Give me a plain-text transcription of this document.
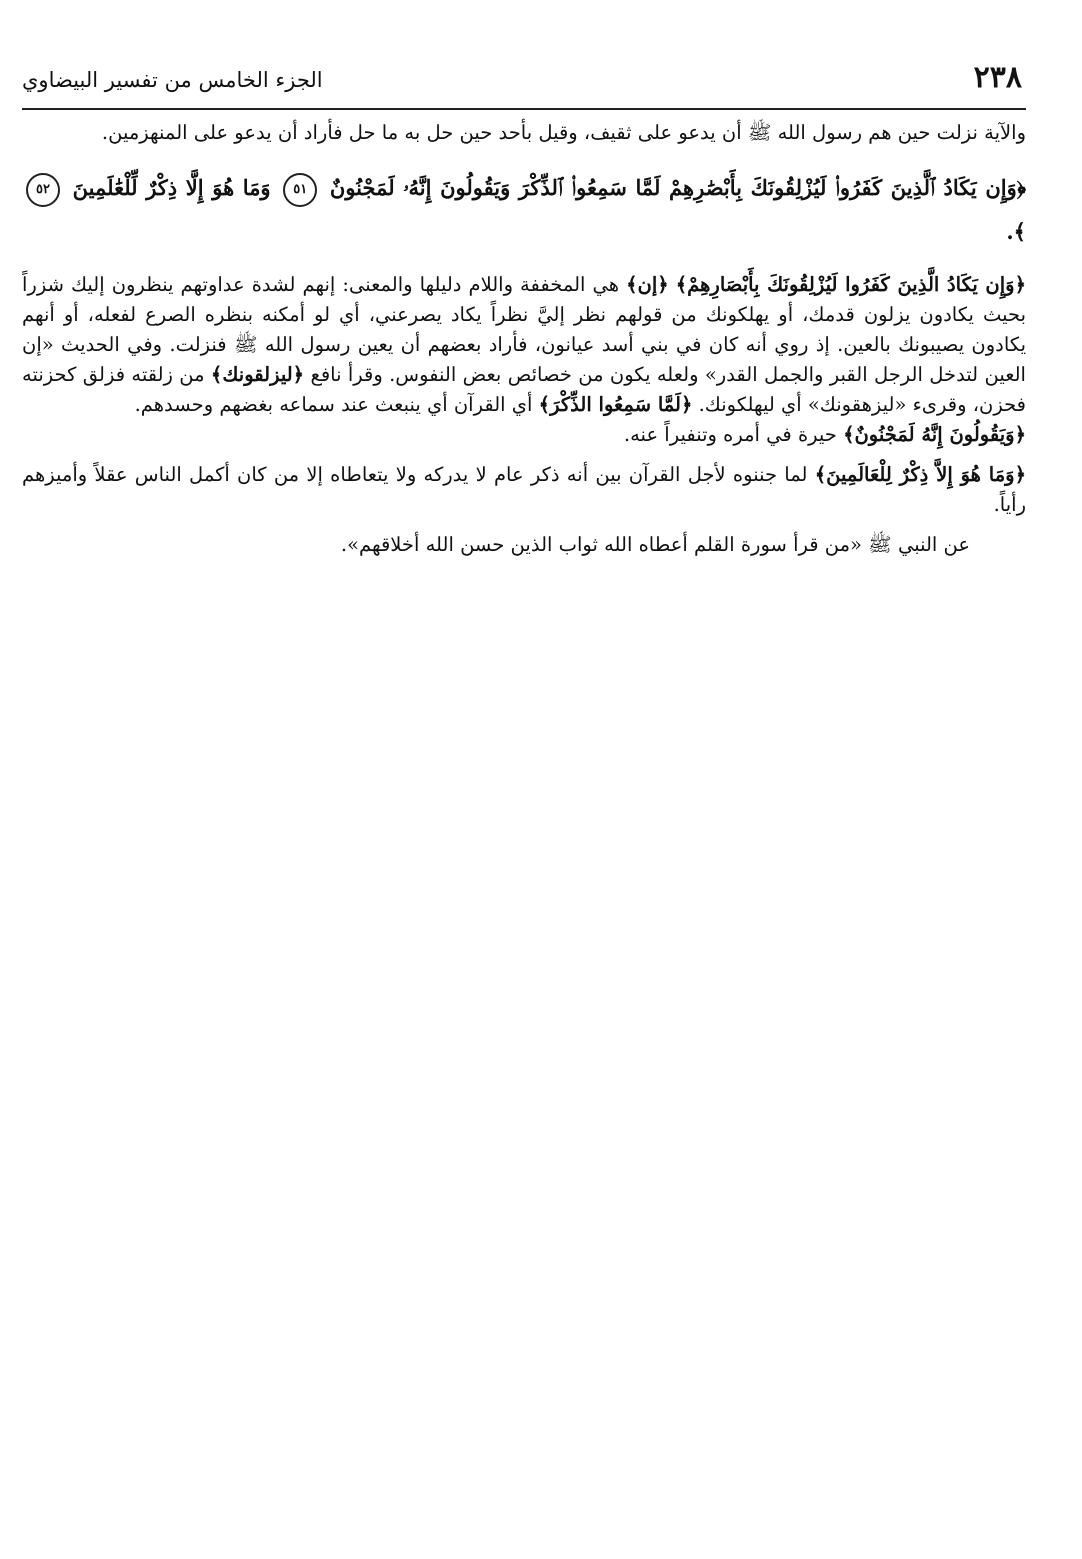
٢٣٨
الجزء الخامس من تفسير البيضاوي

والآية نزلت حين هم رسول الله ﷺ أن يدعو على ثقيف، وقيل بأحد حين حل به ما حل فأراد أن يدعو على المنهزمين.

﴿وَإِن يَكَادُ ٱلَّذِينَ كَفَرُوا۟ لَيُزْلِقُونَكَ بِأَبْصَٰرِهِمْ لَمَّا سَمِعُوا۟ ٱلذِّكْرَ وَيَقُولُونَ إِنَّهُۥ لَمَجْنُونٌ ٥١ وَمَا هُوَ إِلَّا ذِكْرٌ لِّلْعَٰلَمِينَ ٥٢ ﴾.

﴿وَإِن يَكَادُ الَّذِينَ كَفَرُوا لَيُزْلِقُونَكَ بِأَبْصَارِهِمْ﴾ ﴿إن﴾ هي المخففة واللام دليلها والمعنى: إنهم لشدة عداوتهم ينظرون إليك شزراً بحيث يكادون يزلون قدمك، أو يهلكونك من قولهم نظر إليَّ نظراً يكاد يصرعني، أي لو أمكنه بنظره الصرع لفعله، أو أنهم يكادون يصيبونك بالعين. إذ روي أنه كان في بني أسد عيانون، فأراد بعضهم أن يعين رسول الله ﷺ فنزلت. وفي الحديث «إن العين لتدخل الرجل القبر والجمل القدر» ولعله يكون من خصائص بعض النفوس. وقرأ نافع ﴿ليزلقونك﴾ من زلقته فزلق كحزنته فحزن، وقرىء «ليزهقونك» أي ليهلكونك. ﴿لَمَّا سَمِعُوا الذِّكْرَ﴾ أي القرآن أي ينبعث عند سماعه بغضهم وحسدهم.
﴿وَيَقُولُونَ إِنَّهُ لَمَجْنُونٌ﴾ حيرة في أمره وتنفيراً عنه.

﴿وَمَا هُوَ إِلاَّ ذِكْرٌ لِلْعَالَمِينَ﴾ لما جننوه لأجل القرآن بين أنه ذكر عام لا يدركه ولا يتعاطاه إلا من كان أكمل الناس عقلاً وأميزهم رأياً.

عن النبي ﷺ «من قرأ سورة القلم أعطاه الله ثواب الذين حسن الله أخلاقهم».
